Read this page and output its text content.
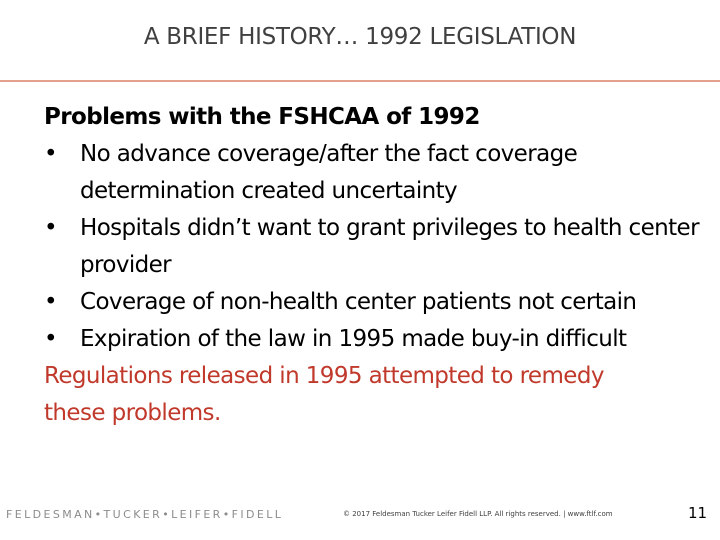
A BRIEF HISTORY… 1992 LEGISLATION
Problems with the FSHCAA of 1992
•	No advance coverage/after the fact coverage determination created uncertainty
•	Hospitals didn’t want to grant privileges to health center provider
•	Coverage of non-health center patients not certain
•	Expiration of the law in 1995 made buy-in difficult
Regulations released in 1995 attempted to remedy these problems.
FELDESMAN•TUCKER•LEIFER•FIDELL	© 2017 Feldesman Tucker Leifer Fidell LLP. All rights reserved. | www.ftlf.com	11
